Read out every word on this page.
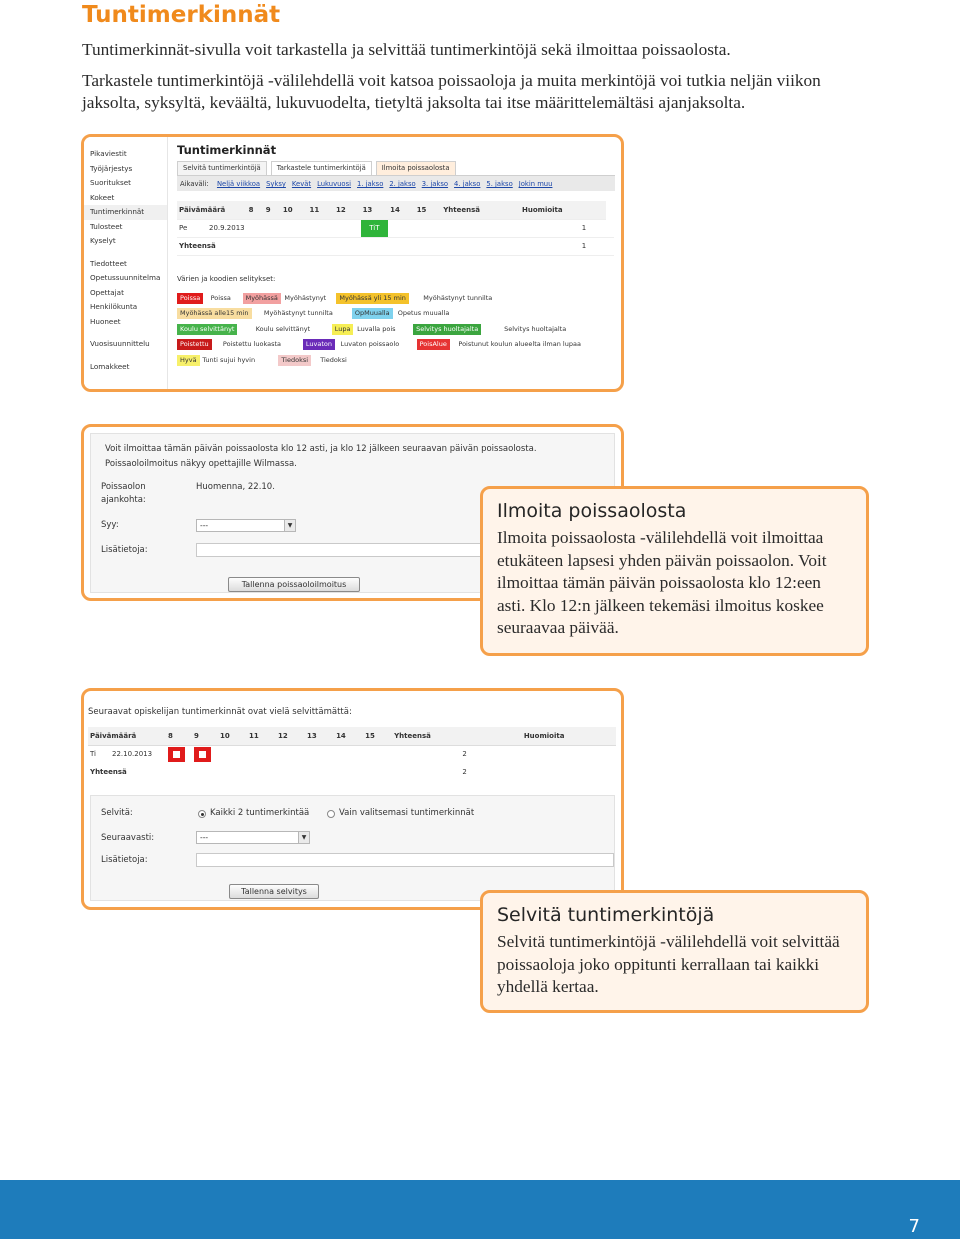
Tuntimerkinnät

Tuntimerkinnät-sivulla voit tarkastella ja selvittää tuntimerkintöjä sekä ilmoittaa poissaolosta.

Tarkastele tuntimerkintöjä -välilehdellä voit katsoa poissaoloja ja muita merkintöjä voi tutkia neljän viikon jaksolta, syksyltä, keväältä, lukuvuodelta, tietyltä jaksolta tai itse määrittelemältäsi ajanjaksolta.

Pikaviestit
Työjärjestys
Suoritukset
Kokeet
Tuntimerkinnät
Tulosteet
Kyselyt
Tiedotteet
Opetussuunnitelma
Opettajat
Henkilökunta
Huoneet
Vuosisuunnittelu
Lomakkeet
Tuntimerkinnät
Selvitä tuntimerkintöjä	Tarkastele tuntimerkintöjä	Ilmoita poissaolosta
Aikaväli: Neljä viikkoa Syksy Kevät Lukuvuosi 1. jakso 2. jakso 3. jakso 4. jakso 5. jakso Jokin muu
Päivämäärä		8	9	10	11	12	13	14	15	Yhteensä	Huomioita	
Pe	20.9.2013						TiT				1	
Yhteensä											1	
Värien ja koodien selitykset:
Poissa	Poissa	Myöhässä	Myöhästynyt	Myöhässä yli 15 min	Myöhästynyt tunnilta
Myöhässä alle15 min	Myöhästynyt tunnilta	OpMuualla	Opetus muualla
Koulu selvittänyt	Koulu selvittänyt	Lupa	Luvalla pois	Selvitys huoltajalta	Selvitys huoltajalta
Poistettu	Poistettu luokasta	Luvaton	Luvaton poissaolo	PoisAlue	Poistunut koulun alueelta ilman lupaa
Hyvä Tunti sujui hyvin	Tiedoksi	Tiedoksi
Voit ilmoittaa tämän päivän poissaolosta klo 12 asti, ja klo 12 jälkeen seuraavan päivän poissaolosta.
Poissaoloilmoitus näkyy opettajille Wilmassa.
Poissaolon
ajankohta:
Huomenna, 22.10.
Syy:	---	▼
Lisätietoja:
Tallenna poissaoloilmoitus
Seuraavat opiskelijan tuntimerkinnät ovat vielä selvittämättä:
Päivämäärä		8	9	10	11	12	13	14	15	Yhteensä	Huomioita
Ti	22.10.2013									2	
Yhteensä										2	
Selvitä:	Kaikki 2 tuntimerkintää	Vain valitsemasi tuntimerkinnät
Seuraavasti:	---	▼
Lisätietoja:
Tallenna selvitys
Ilmoita poissaolosta

Ilmoita poissaolosta -välilehdellä voit ilmoittaa etukäteen lapsesi yhden päivän poissaolon. Voit ilmoittaa tämän päivän poissaolosta klo 12:een asti. Klo 12:n jälkeen tekemäsi ilmoitus koskee seuraavaa päivää.

Selvitä tuntimerkintöjä

Selvitä tuntimerkintöjä -välilehdellä voit selvittää poissaoloja joko oppitunti kerrallaan tai kaikki yhdellä kertaa.

7
